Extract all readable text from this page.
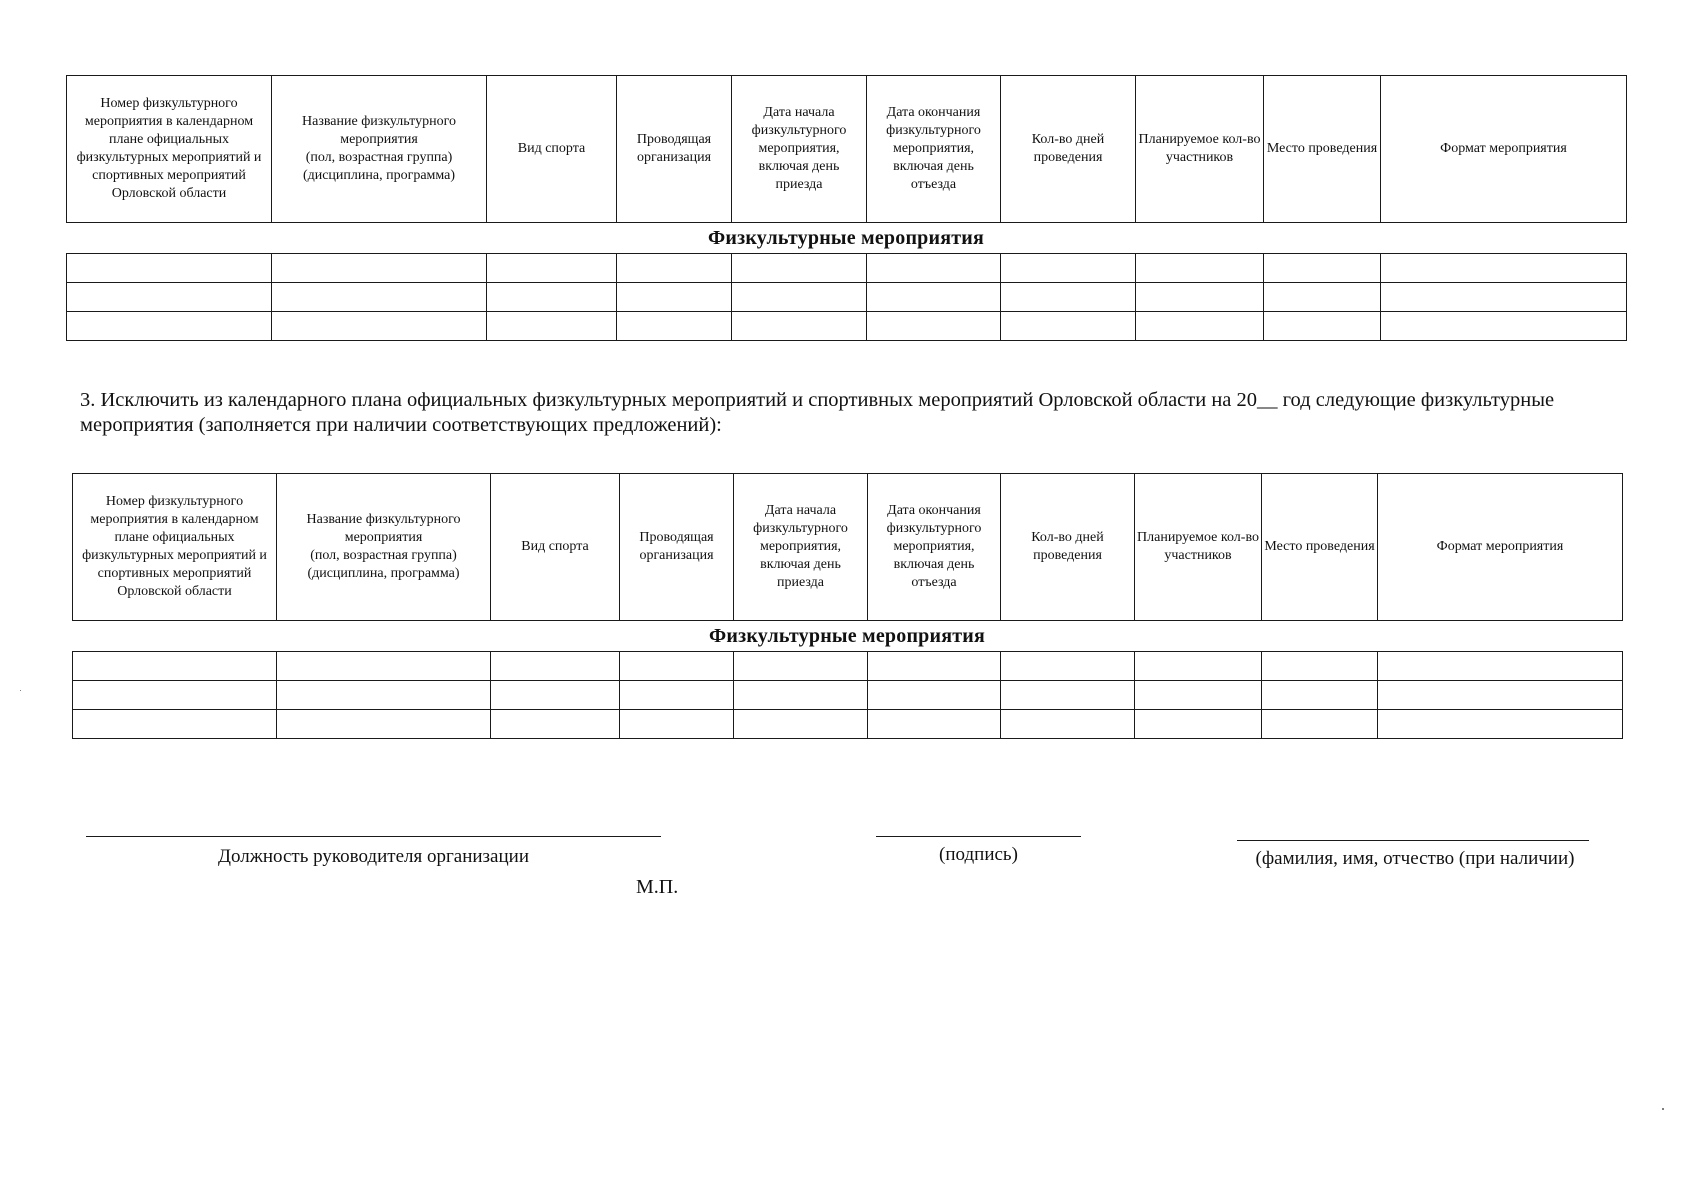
Номер физкультурного мероприятия в календарном плане официальных физкультурных мероприятий и спортивных мероприятий Орловской области	Название физкультурного мероприятия
(пол, возрастная группа)
(дисциплина, программа)	Вид спорта	Проводящая организация	Дата начала физкультурного мероприятия, включая день приезда	Дата окончания физкультурного мероприятия, включая день отъезда	Кол-во дней проведения	Планируемое кол-во участников	Место проведения	Формат мероприятия
Физкультурные мероприятия

3. Исключить из календарного плана официальных физкультурных мероприятий и спортивных мероприятий Орловской области на 20__ год следующие физкультурные мероприятия (заполняется при наличии соответствующих предложений):
Номер физкультурного мероприятия в календарном плане официальных физкультурных мероприятий и спортивных мероприятий Орловской области	Название физкультурного мероприятия
(пол, возрастная группа)
(дисциплина, программа)	Вид спорта	Проводящая организация	Дата начала физкультурного мероприятия, включая день приезда	Дата окончания физкультурного мероприятия, включая день отъезда	Кол-во дней проведения	Планируемое кол-во участников	Место проведения	Формат мероприятия
Физкультурные мероприятия

Должность руководителя организации	(подпись)	(фамилия, имя, отчество (при наличии)
М.П.
